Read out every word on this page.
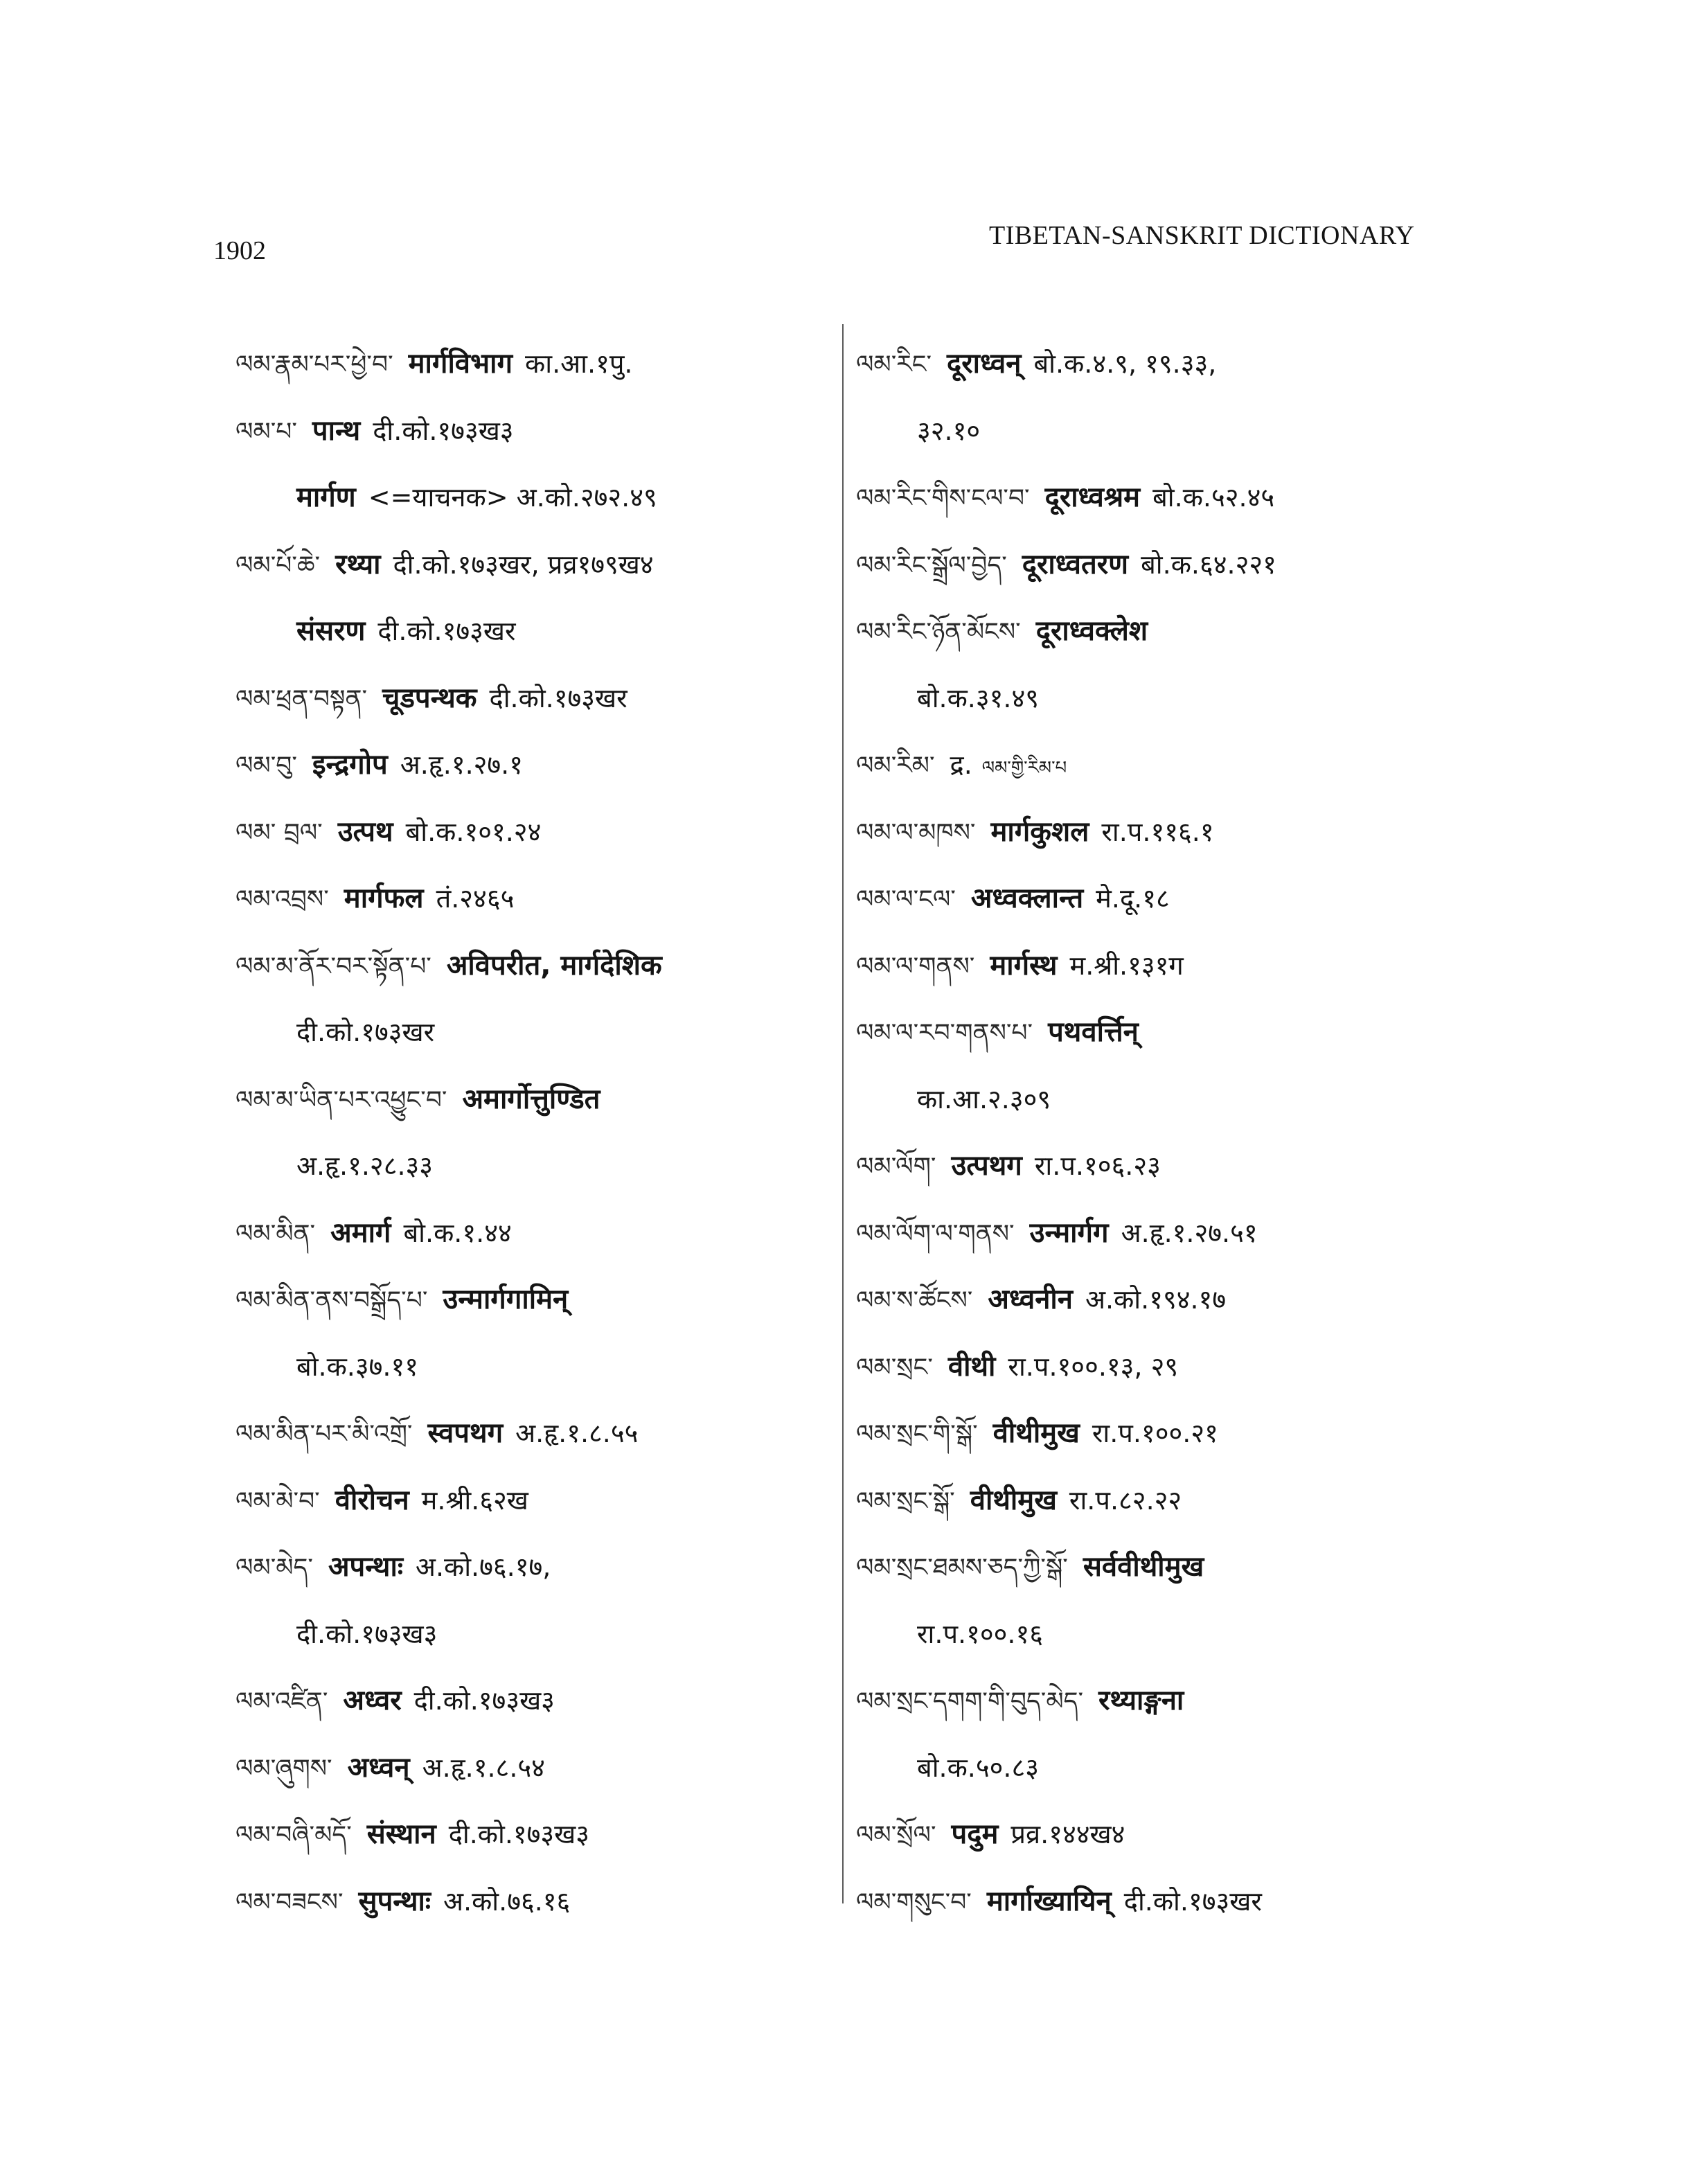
1902
TIBETAN-SANSKRIT DICTIONARY
ལམ་རྣམ་པར་ཕྱེ་བ་ मार्गविभाग का.आ.१पु.
ལམ་པ་ पान्थ दी.को.१७३ख३
मार्गण <=याचनक> अ.को.२७२.४९
ལམ་པོ་ཆེ་ रथ्या दी.को.१७३खर, प्रव्र१७९ख४
संसरण दी.को.१७३खर
ལམ་ཕྲན་བསྟན་ चूडपन्थक दी.को.१७३खर
ལམ་བུ་ इन्द्रगोप अ.हृ.१.२७.१
ལམ་ བྲལ་ उत्पथ बो.क.१०१.२४
ལམ་འབྲས་ मार्गफल तं.२४६५
ལམ་མ་ནོར་བར་སྟོན་པ་ अविपरीत, मार्गदेशिक
दी.को.१७३खर
ལམ་མ་ཡིན་པར་འཕྱུང་བ་ अमार्गोत्तुण्डित
अ.हृ.१.२८.३३
ལམ་མིན་ अमार्ग बो.क.१.४४
ལམ་མིན་ནས་བསྒྲོད་པ་ उन्मार्गगामिन्
बो.क.३७.११
ལམ་མིན་པར་མི་འགྲོ་ स्वपथग अ.हृ.१.८.५५
ལམ་མེ་བ་ वीरोचन म.श्री.६२ख
ལམ་མེད་ अपन्थाः अ.को.७६.१७,
दी.को.१७३ख३
ལམ་འཛིན་ अध्वर दी.को.१७३ख३
ལམ་ཞུགས་ अध्वन् अ.हृ.१.८.५४
ལམ་བཞི་མདོ་ संस्थान दी.को.१७३ख३
ལམ་བཟངས་ सुपन्थाः अ.को.७६.१६
ལམ་རིང་ दूराध्वन् बो.क.४.९, १९.३३,
३२.१०
ལམ་རིང་གིས་ངལ་བ་ दूराध्वश्रम बो.क.५२.४५
ལམ་རིང་སྒྲོལ་བྱེད་ दूराध्वतरण बो.क.६४.२२१
ལམ་རིང་ཉོན་མོངས་ दूराध्वक्लेश
बो.क.३१.४९
ལམ་རིམ་ द्र. ལམ་གྱི་རིམ་པ
ལམ་ལ་མཁས་ मार्गकुशल रा.प.११६.१
ལམ་ལ་ངལ་ अध्वक्लान्त मे.दू.१८
ལམ་ལ་གནས་ मार्गस्थ म.श्री.१३१ग
ལམ་ལ་རབ་གནས་པ་ पथवर्त्तिन्
का.आ.२.३०९
ལམ་ལོག་ उत्पथग रा.प.१०६.२३
ལམ་ལོག་ལ་གནས་ उन्मार्गग अ.हृ.१.२७.५१
ལམ་ས་ཚོངས་ अध्वनीन अ.को.१९४.१७
ལམ་སྲང་ वीथी रा.प.१००.१३, २९
ལམ་སྲང་གི་སྒོ་ वीथीमुख रा.प.१००.२१
ལམ་སྲང་སྒོ་ वीथीमुख रा.प.८२.२२
ལམ་སྲང་ཐམས་ཅད་ཀྱི་སྒོ་ सर्ववीथीमुख
रा.प.१००.१६
ལམ་སྲང་དགག་གི་བུད་མེད་ रथ्याङ्गना
बो.क.५०.८३
ལམ་སྲོལ་ पदुम प्रव्र.१४४ख४
ལམ་གསུང་བ་ मार्गाख्यायिन् दी.को.१७३खर
